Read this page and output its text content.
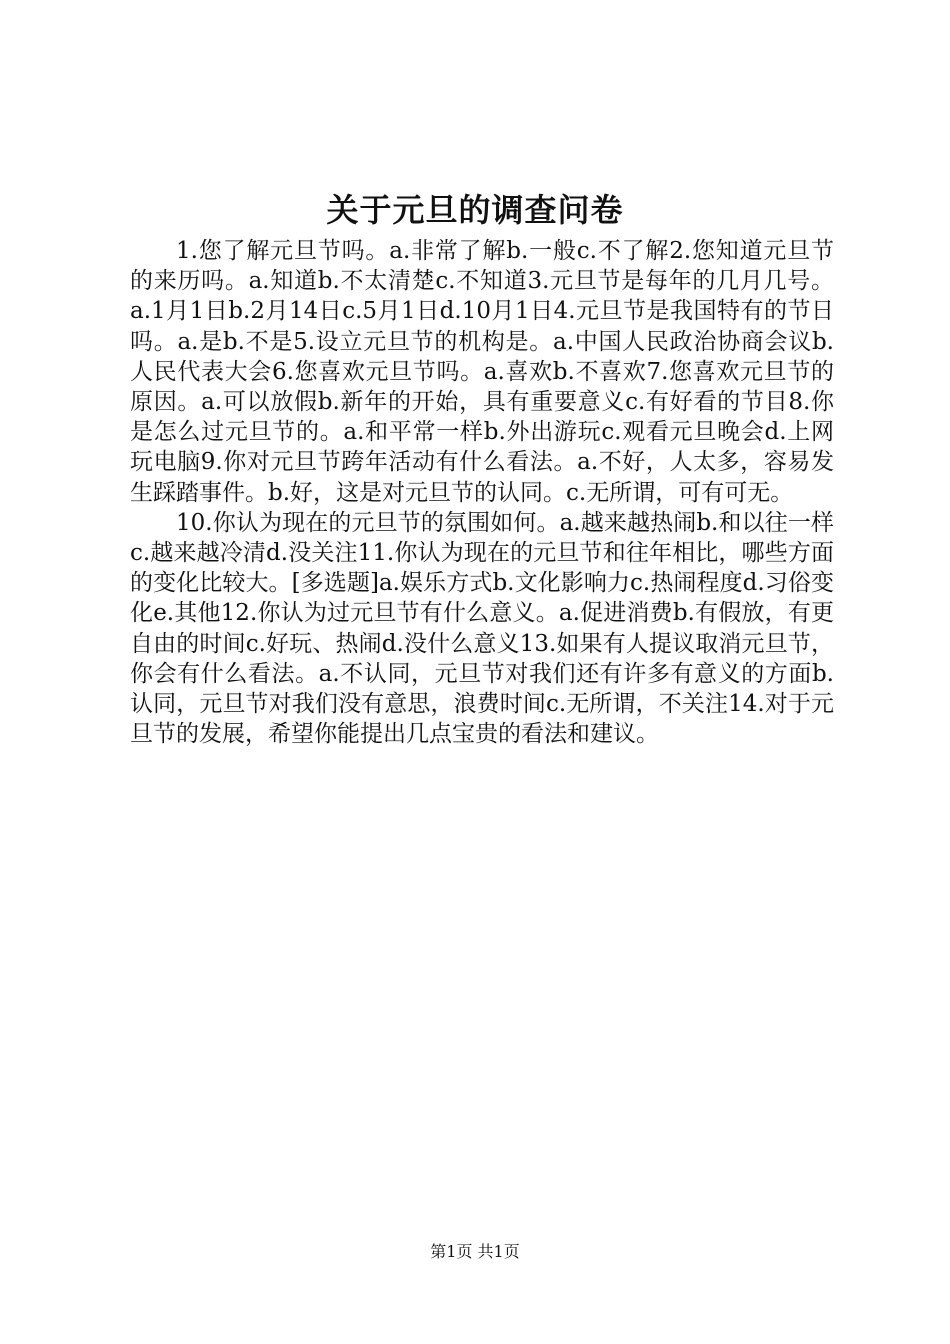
关于元旦的调查问卷

1.您了解元旦节吗。a.非常了解b.一般c.不了解2.您知道元旦节的来历吗。a.知道b.不太清楚c.不知道3.元旦节是每年的几月几号。a.1月1日b.2月14日c.5月1日d.10月1日4.元旦节是我国特有的节日吗。a.是b.不是5.设立元旦节的机构是。a.中国人民政治协商会议b.人民代表大会6.您喜欢元旦节吗。a.喜欢b.不喜欢7.您喜欢元旦节的原因。a.可以放假b.新年的开始，具有重要意义c.有好看的节目8.你是怎么过元旦节的。a.和平常一样b.外出游玩c.观看元旦晚会d.上网玩电脑9.你对元旦节跨年活动有什么看法。a.不好，人太多，容易发生踩踏事件。b.好，这是对元旦节的认同。c.无所谓，可有可无。

10.你认为现在的元旦节的氛围如何。a.越来越热闹b.和以往一样c.越来越冷清d.没关注11.你认为现在的元旦节和往年相比，哪些方面的变化比较大。[多选题]a.娱乐方式b.文化影响力c.热闹程度d.习俗变化e.其他12.你认为过元旦节有什么意义。a.促进消费b.有假放，有更自由的时间c.好玩、热闹d.没什么意义13.如果有人提议取消元旦节，你会有什么看法。a.不认同，元旦节对我们还有许多有意义的方面b.认同，元旦节对我们没有意思，浪费时间c.无所谓，不关注14.对于元旦节的发展，希望你能提出几点宝贵的看法和建议。

第1页 共1页
